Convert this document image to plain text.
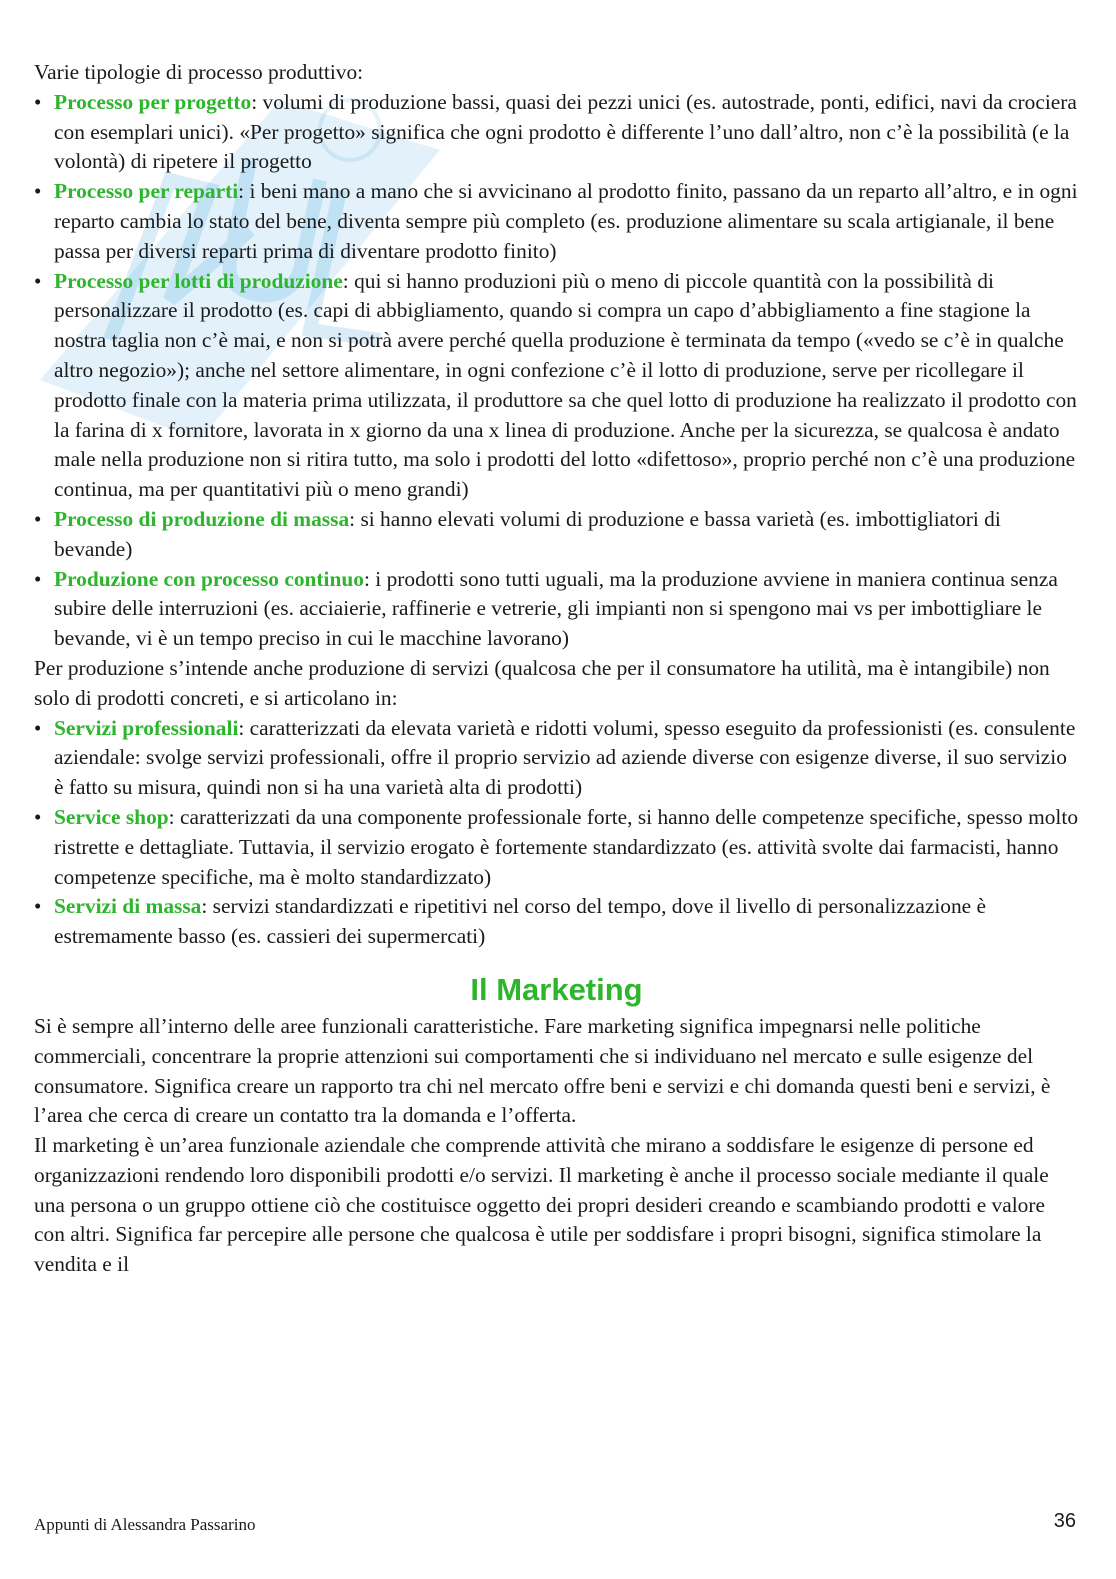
Varie tipologie di processo produttivo:

• Processo per progetto: volumi di produzione bassi, quasi dei pezzi unici (es. autostrade, ponti, edifici, navi da crociera con esemplari unici). «Per progetto» significa che ogni prodotto è differente l’uno dall’altro, non c’è la possibilità (e la volontà) di ripetere il progetto
• Processo per reparti: i beni mano a mano che si avvicinano al prodotto finito, passano da un reparto all’altro, e in ogni reparto cambia lo stato del bene, diventa sempre più completo (es. produzione alimentare su scala artigianale, il bene passa per diversi reparti prima di diventare prodotto finito)
• Processo per lotti di produzione: qui si hanno produzioni più o meno di piccole quantità con la possibilità di personalizzare il prodotto (es. capi di abbigliamento, quando si compra un capo d’abbigliamento a fine stagione la nostra taglia non c’è mai, e non si potrà avere perché quella produzione è terminata da tempo («vedo se c’è in qualche altro negozio»); anche nel settore alimentare, in ogni confezione c’è il lotto di produzione, serve per ricollegare il prodotto finale con la materia prima utilizzata, il produttore sa che quel lotto di produzione ha realizzato il prodotto con la farina di x fornitore, lavorata in x giorno da una x linea di produzione. Anche per la sicurezza, se qualcosa è andato male nella produzione non si ritira tutto, ma solo i prodotti del lotto «difettoso», proprio perché non c’è una produzione continua, ma per quantitativi più o meno grandi)
• Processo di produzione di massa: si hanno elevati volumi di produzione e bassa varietà (es. imbottigliatori di bevande)
• Produzione con processo continuo: i prodotti sono tutti uguali, ma la produzione avviene in maniera continua senza subire delle interruzioni (es. acciaierie, raffinerie e vetrerie, gli impianti non si spengono mai vs per imbottigliare le bevande, vi è un tempo preciso in cui le macchine lavorano)

Per produzione s’intende anche produzione di servizi (qualcosa che per il consumatore ha utilità, ma è intangibile) non solo di prodotti concreti, e si articolano in:

• Servizi professionali: caratterizzati da elevata varietà e ridotti volumi, spesso eseguito da professionisti (es. consulente aziendale: svolge servizi professionali, offre il proprio servizio ad aziende diverse con esigenze diverse, il suo servizio è fatto su misura, quindi non si ha una varietà alta di prodotti)
• Service shop: caratterizzati da una componente professionale forte, si hanno delle competenze specifiche, spesso molto ristrette e dettagliate. Tuttavia, il servizio erogato è fortemente standardizzato (es. attività svolte dai farmacisti, hanno competenze specifiche, ma è molto standardizzato)
• Servizi di massa: servizi standardizzati e ripetitivi nel corso del tempo, dove il livello di personalizzazione è estremamente basso (es. cassieri dei supermercati)
Il Marketing

Si è sempre all’interno delle aree funzionali caratteristiche. Fare marketing significa impegnarsi nelle politiche commerciali, concentrare la proprie attenzioni sui comportamenti che si individuano nel mercato e sulle esigenze del consumatore. Significa creare un rapporto tra chi nel mercato offre beni e servizi e chi domanda questi beni e servizi, è l’area che cerca di creare un contatto tra la domanda e l’offerta.

Il marketing è un’area funzionale aziendale che comprende attività che mirano a soddisfare le esigenze di persone ed organizzazioni rendendo loro disponibili prodotti e/o servizi. Il marketing è anche il processo sociale mediante il quale una persona o un gruppo ottiene ciò che costituisce oggetto dei propri desideri creando e scambiando prodotti e valore con altri. Significa far percepire alle persone che qualcosa è utile per soddisfare i propri bisogni, significa stimolare la vendita e il

Appunti di Alessandra Passarino	36
